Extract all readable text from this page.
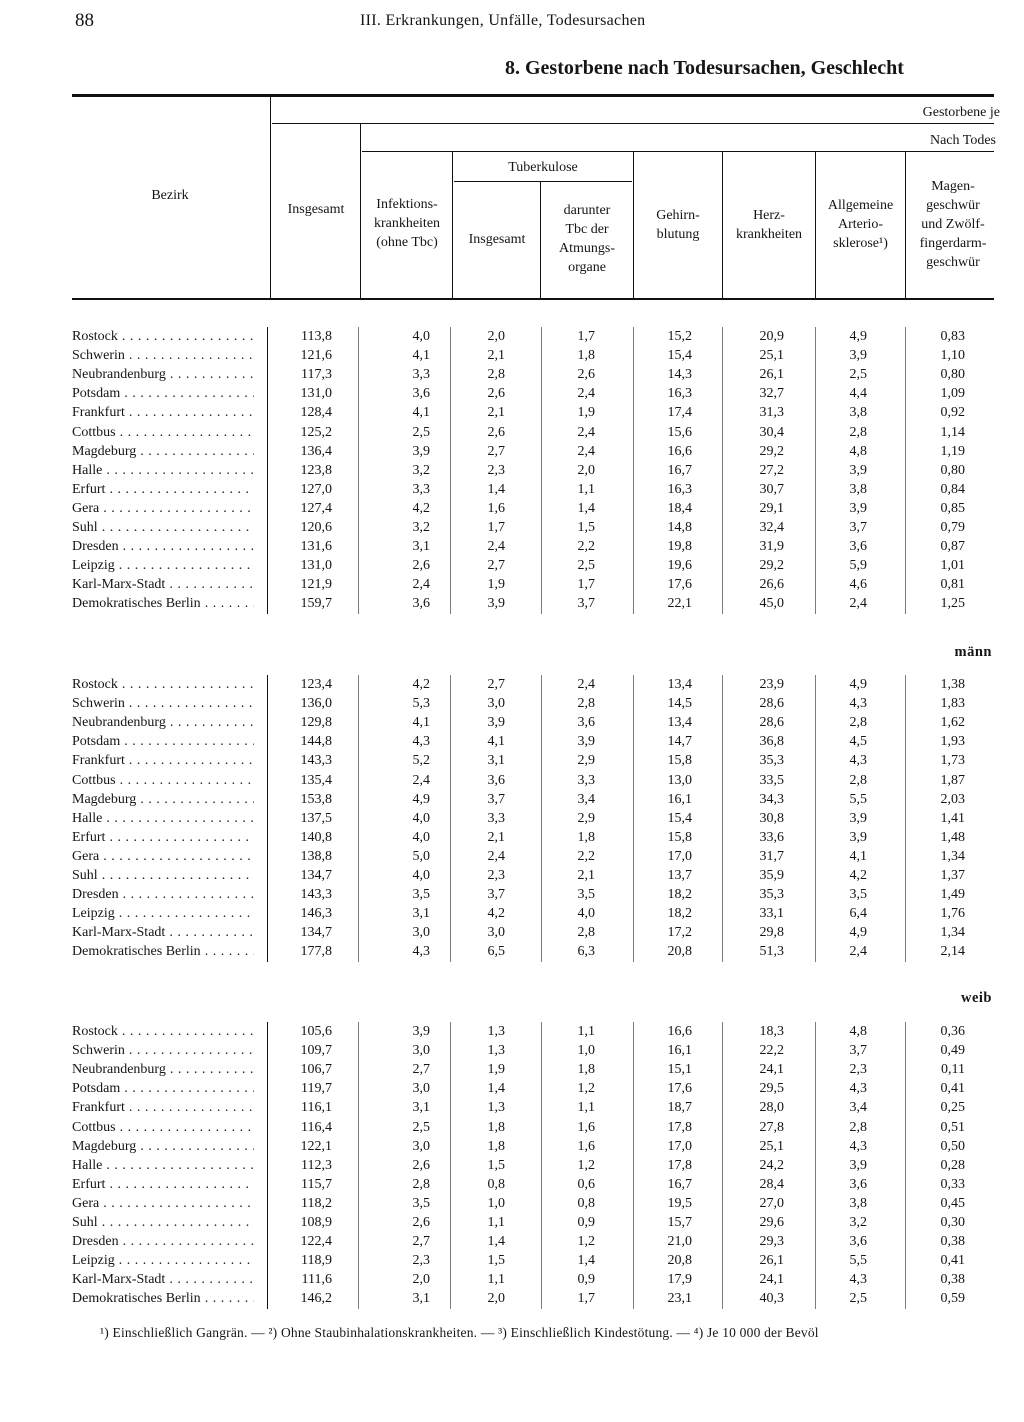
88	III. Erkrankungen, Unfälle, Todesursachen
8. Gestorbene nach Todesursachen, Geschlecht
Bezirk
Gestorbene je
Nach Todes
Insgesamt	Infektions-
krankheiten
(ohne Tbc)
Tuberkulose
Insgesamt
darunter
Tbc der
Atmungs-
organe
Gehirn-
blutung
Herz-
krankheiten
Allgemeine
Arterio-
sklerose¹)
Magen-
geschwür
und Zwölf-
fingerdarm-
geschwür
männ
weib
Rostock . . .	113,8	4,0	2,0	1,7	15,2	20,9	4,9	0,83
Schwerin . . .	121,6	4,1	2,1	1,8	15,4	25,1	3,9	1,10
Neubrandenburg . . .	117,3	3,3	2,8	2,6	14,3	26,1	2,5	0,80
Potsdam . . .	131,0	3,6	2,6	2,4	16,3	32,7	4,4	1,09
Frankfurt . . .	128,4	4,1	2,1	1,9	17,4	31,3	3,8	0,92
Cottbus . . .	125,2	2,5	2,6	2,4	15,6	30,4	2,8	1,14
Magdeburg . . .	136,4	3,9	2,7	2,4	16,6	29,2	4,8	1,19
Halle . . .	123,8	3,2	2,3	2,0	16,7	27,2	3,9	0,80
Erfurt . . .	127,0	3,3	1,4	1,1	16,3	30,7	3,8	0,84
Gera . . .	127,4	4,2	1,6	1,4	18,4	29,1	3,9	0,85
Suhl . . .	120,6	3,2	1,7	1,5	14,8	32,4	3,7	0,79
Dresden . . .	131,6	3,1	2,4	2,2	19,8	31,9	3,6	0,87
Leipzig . . .	131,0	2,6	2,7	2,5	19,6	29,2	5,9	1,01
Karl-Marx-Stadt . . .	121,9	2,4	1,9	1,7	17,6	26,6	4,6	0,81
Demokratisches Berlin . . .	159,7	3,6	3,9	3,7	22,1	45,0	2,4	1,25
Rostock . . .	123,4	4,2	2,7	2,4	13,4	23,9	4,9	1,38
Schwerin . . .	136,0	5,3	3,0	2,8	14,5	28,6	4,3	1,83
Neubrandenburg . . .	129,8	4,1	3,9	3,6	13,4	28,6	2,8	1,62
Potsdam . . .	144,8	4,3	4,1	3,9	14,7	36,8	4,5	1,93
Frankfurt . . .	143,3	5,2	3,1	2,9	15,8	35,3	4,3	1,73
Cottbus . . .	135,4	2,4	3,6	3,3	13,0	33,5	2,8	1,87
Magdeburg . . .	153,8	4,9	3,7	3,4	16,1	34,3	5,5	2,03
Halle . . .	137,5	4,0	3,3	2,9	15,4	30,8	3,9	1,41
Erfurt . . .	140,8	4,0	2,1	1,8	15,8	33,6	3,9	1,48
Gera . . .	138,8	5,0	2,4	2,2	17,0	31,7	4,1	1,34
Suhl . . .	134,7	4,0	2,3	2,1	13,7	35,9	4,2	1,37
Dresden . . .	143,3	3,5	3,7	3,5	18,2	35,3	3,5	1,49
Leipzig . . .	146,3	3,1	4,2	4,0	18,2	33,1	6,4	1,76
Karl-Marx-Stadt . . .	134,7	3,0	3,0	2,8	17,2	29,8	4,9	1,34
Demokratisches Berlin . . .	177,8	4,3	6,5	6,3	20,8	51,3	2,4	2,14
Rostock . . .	105,6	3,9	1,3	1,1	16,6	18,3	4,8	0,36
Schwerin . . .	109,7	3,0	1,3	1,0	16,1	22,2	3,7	0,49
Neubrandenburg . . .	106,7	2,7	1,9	1,8	15,1	24,1	2,3	0,11
Potsdam . . .	119,7	3,0	1,4	1,2	17,6	29,5	4,3	0,41
Frankfurt . . .	116,1	3,1	1,3	1,1	18,7	28,0	3,4	0,25
Cottbus . . .	116,4	2,5	1,8	1,6	17,8	27,8	2,8	0,51
Magdeburg . . .	122,1	3,0	1,8	1,6	17,0	25,1	4,3	0,50
Halle . . .	112,3	2,6	1,5	1,2	17,8	24,2	3,9	0,28
Erfurt . . .	115,7	2,8	0,8	0,6	16,7	28,4	3,6	0,33
Gera . . .	118,2	3,5	1,0	0,8	19,5	27,0	3,8	0,45
Suhl . . .	108,9	2,6	1,1	0,9	15,7	29,6	3,2	0,30
Dresden . . .	122,4	2,7	1,4	1,2	21,0	29,3	3,6	0,38
Leipzig . . .	118,9	2,3	1,5	1,4	20,8	26,1	5,5	0,41
Karl-Marx-Stadt . . .	111,6	2,0	1,1	0,9	17,9	24,1	4,3	0,38
Demokratisches Berlin . . .	146,2	3,1	2,0	1,7	23,1	40,3	2,5	0,59
¹) Einschließlich Gangrän. — ²) Ohne Staubinhalationskrankheiten. — ³) Einschließlich Kindestötung. — ⁴) Je 10 000 der Bevöl
